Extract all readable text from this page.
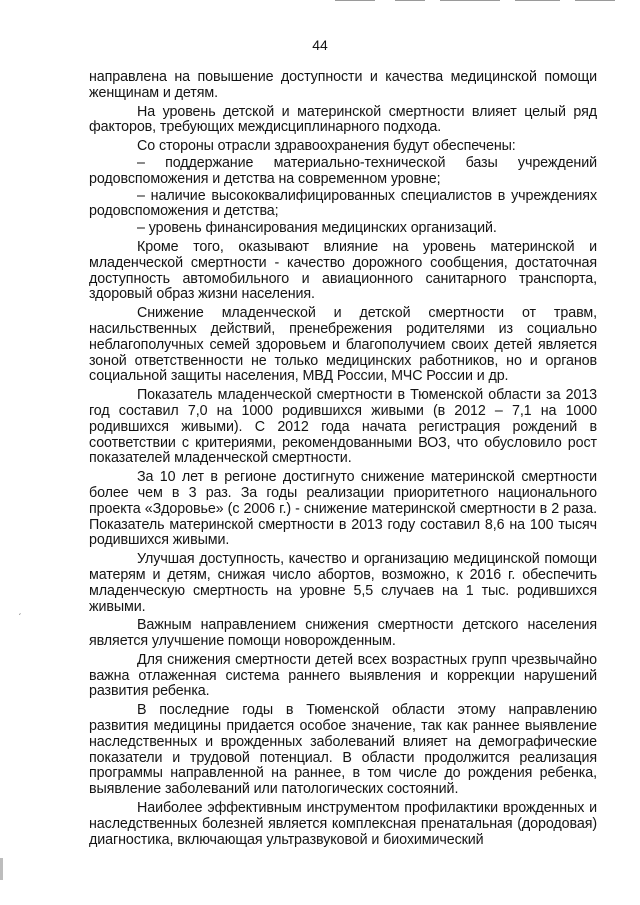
44

направлена на повышение доступности и качества медицинской помощи женщинам и детям.

На уровень детской и материнской смертности влияет целый ряд факторов, требующих междисциплинарного подхода.

Со стороны отрасли здравоохранения будут обеспечены:

– поддержание материально-технической базы учреждений родовспоможения и детства на современном уровне;

– наличие высококвалифицированных специалистов в учреждениях родовспоможения и детства;

– уровень финансирования медицинских организаций.

Кроме того, оказывают влияние на уровень материнской и младенческой смертности - качество дорожного сообщения, достаточная доступность автомобильного и авиационного санитарного транспорта, здоровый образ жизни населения.

Снижение младенческой и детской смертности от травм, насильственных действий, пренебрежения родителями из социально неблагополучных семей здоровьем и благополучием своих детей является зоной ответственности не только медицинских работников, но и органов социальной защиты населения, МВД России, МЧС России и др.

Показатель младенческой смертности в Тюменской области за 2013 год составил 7,0 на 1000 родившихся живыми (в 2012 – 7,1 на 1000 родившихся живыми). С 2012 года начата регистрация рождений в соответствии с критериями, рекомендованными ВОЗ, что обусловило рост показателей младенческой смертности.

За 10 лет в регионе достигнуто снижение материнской смертности более чем в 3 раз. За годы реализации приоритетного национального проекта «Здоровье» (с 2006 г.) - снижение материнской смертности в 2 раза. Показатель материнской смертности в 2013 году составил 8,6 на 100 тысяч родившихся живыми.

Улучшая доступность, качество и организацию медицинской помощи матерям и детям, снижая число абортов, возможно, к 2016 г. обеспечить младенческую смертность на уровне 5,5 случаев на 1 тыс. родившихся живыми.

Важным направлением снижения смертности детского населения является улучшение помощи новорожденным.

Для снижения смертности детей всех возрастных групп чрезвычайно важна отлаженная система раннего выявления и коррекции нарушений развития ребенка.

В последние годы в Тюменской области этому направлению развития медицины придается особое значение, так как раннее выявление наследственных и врожденных заболеваний влияет на демографические показатели и трудовой потенциал. В области продолжится реализация программы направленной на раннее, в том числе до рождения ребенка, выявление заболеваний или патологических состояний.

Наиболее эффективным инструментом профилактики врожденных и наследственных болезней является комплексная пренатальная (дородовая) диагностика, включающая ультразвуковой и биохимический

ˏ
